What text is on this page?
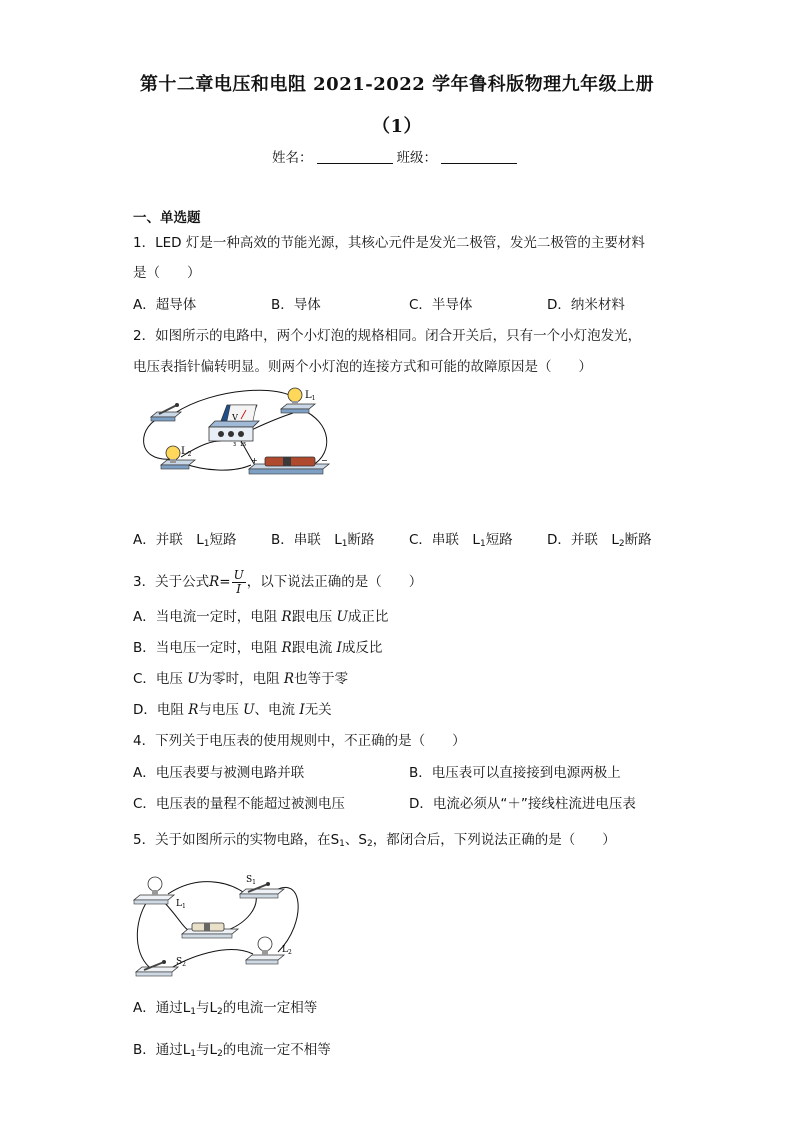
第十二章电压和电阻 2021-2022 学年鲁科版物理九年级上册
（1）
姓名：	班级：
一、单选题
1．LED 灯是一种高效的节能光源，其核心元件是发光二极管，发光二极管的主要材料
是（　　）
A．超导体	B．导体	C．半导体	D．纳米材料
2．如图所示的电路中，两个小灯泡的规格相同。闭合开关后，只有一个小灯泡发光，
电压表指针偏转明显。则两个小灯泡的连接方式和可能的故障原因是（　　）
V
3 15
$L_1$
$L_2$
+	−
A．并联　$L_1$短路	B．串联　$L_1$断路	C．串联　$L_1$短路	D．并联　$L_2$断路
3．关于公式$R= \frac{U}{I}$ ，以下说法正确的是（　　）
A．当电流一定时，电阻 R跟电压 U成正比
B．当电压一定时，电阻 R跟电流 I成反比
C．电压 U为零时，电阻 R也等于零
D．电阻 R与电压 U、电流 I无关
4．下列关于电压表的使用规则中，不正确的是（　　）
A．电压表要与被测电路并联	B．电压表可以直接接到电源两极上
C．电压表的量程不能超过被测电压	D．电流必须从“＋”接线柱流进电压表
5．关于如图所示的实物电路，在$S_1$、$S_2$，都闭合后，下列说法正确的是（　　）
$L_1$
$S_1$
$L_2$
$S_2$
A．通过$L_1$与$L_2$的电流一定相等
B．通过$L_1$与$L_2$的电流一定不相等
